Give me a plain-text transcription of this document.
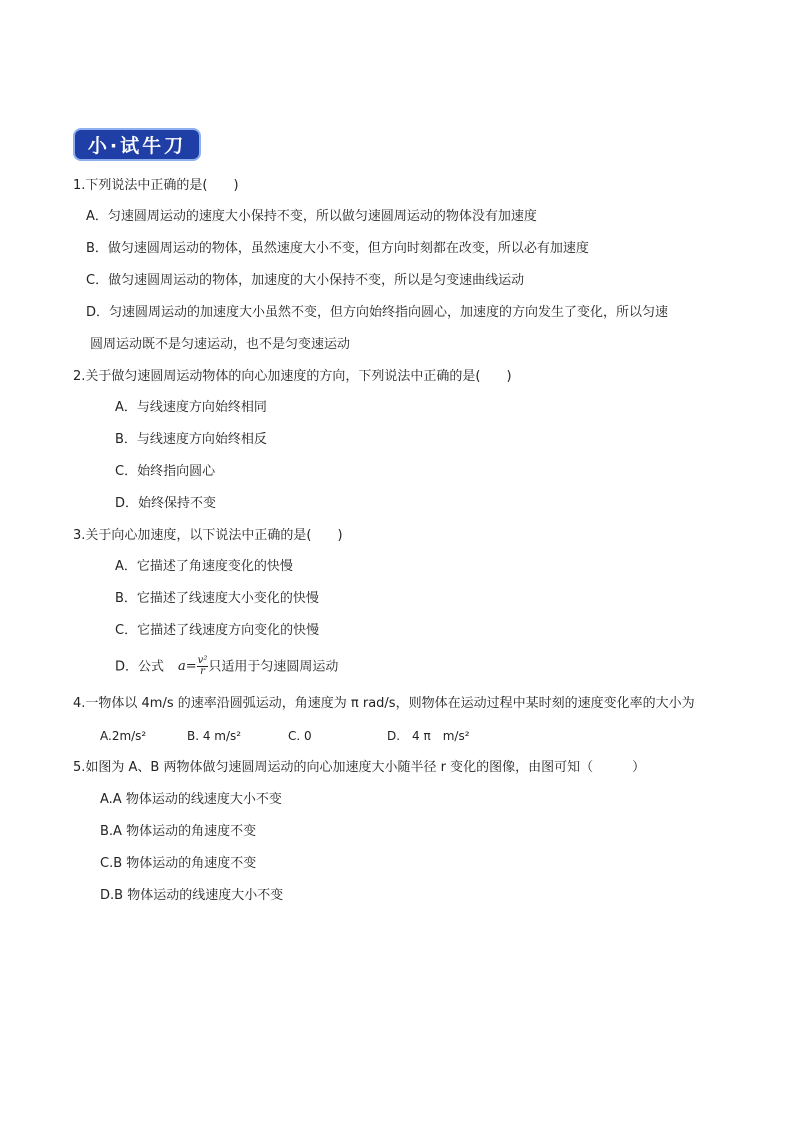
小·试牛刀
1.下列说法中正确的是(　　)
A．匀速圆周运动的速度大小保持不变，所以做匀速圆周运动的物体没有加速度
B．做匀速圆周运动的物体，虽然速度大小不变，但方向时刻都在改变，所以必有加速度
C．做匀速圆周运动的物体，加速度的大小保持不变，所以是匀变速曲线运动
D．匀速圆周运动的加速度大小虽然不变，但方向始终指向圆心，加速度的方向发生了变化，所以匀速
圆周运动既不是匀速运动，也不是匀变速运动
2.关于做匀速圆周运动物体的向心加速度的方向，下列说法中正确的是(　　)
A．与线速度方向始终相同
B．与线速度方向始终相反
C．始终指向圆心
D．始终保持不变
3.关于向心加速度，以下说法中正确的是(　　)
A．它描述了角速度变化的快慢
B．它描述了线速度大小变化的快慢
C．它描述了线速度方向变化的快慢
D．公式 $a= \frac{\text{v²}}{r}$ 只适用于匀速圆周运动
4.一物体以 4m/s 的速率沿圆弧运动，角速度为 π rad/s，则物体在运动过程中某时刻的速度变化率的大小为
A.2m/s²	B. 4 m/s²	C. 0	D.　4 π　m/s²
5.如图为 A、B 两物体做匀速圆周运动的向心加速度大小随半径 r 变化的图像，由图可知（　　　）
A.A 物体运动的线速度大小不变
B.A 物体运动的角速度不变
C.B 物体运动的角速度不变
D.B 物体运动的线速度大小不变
